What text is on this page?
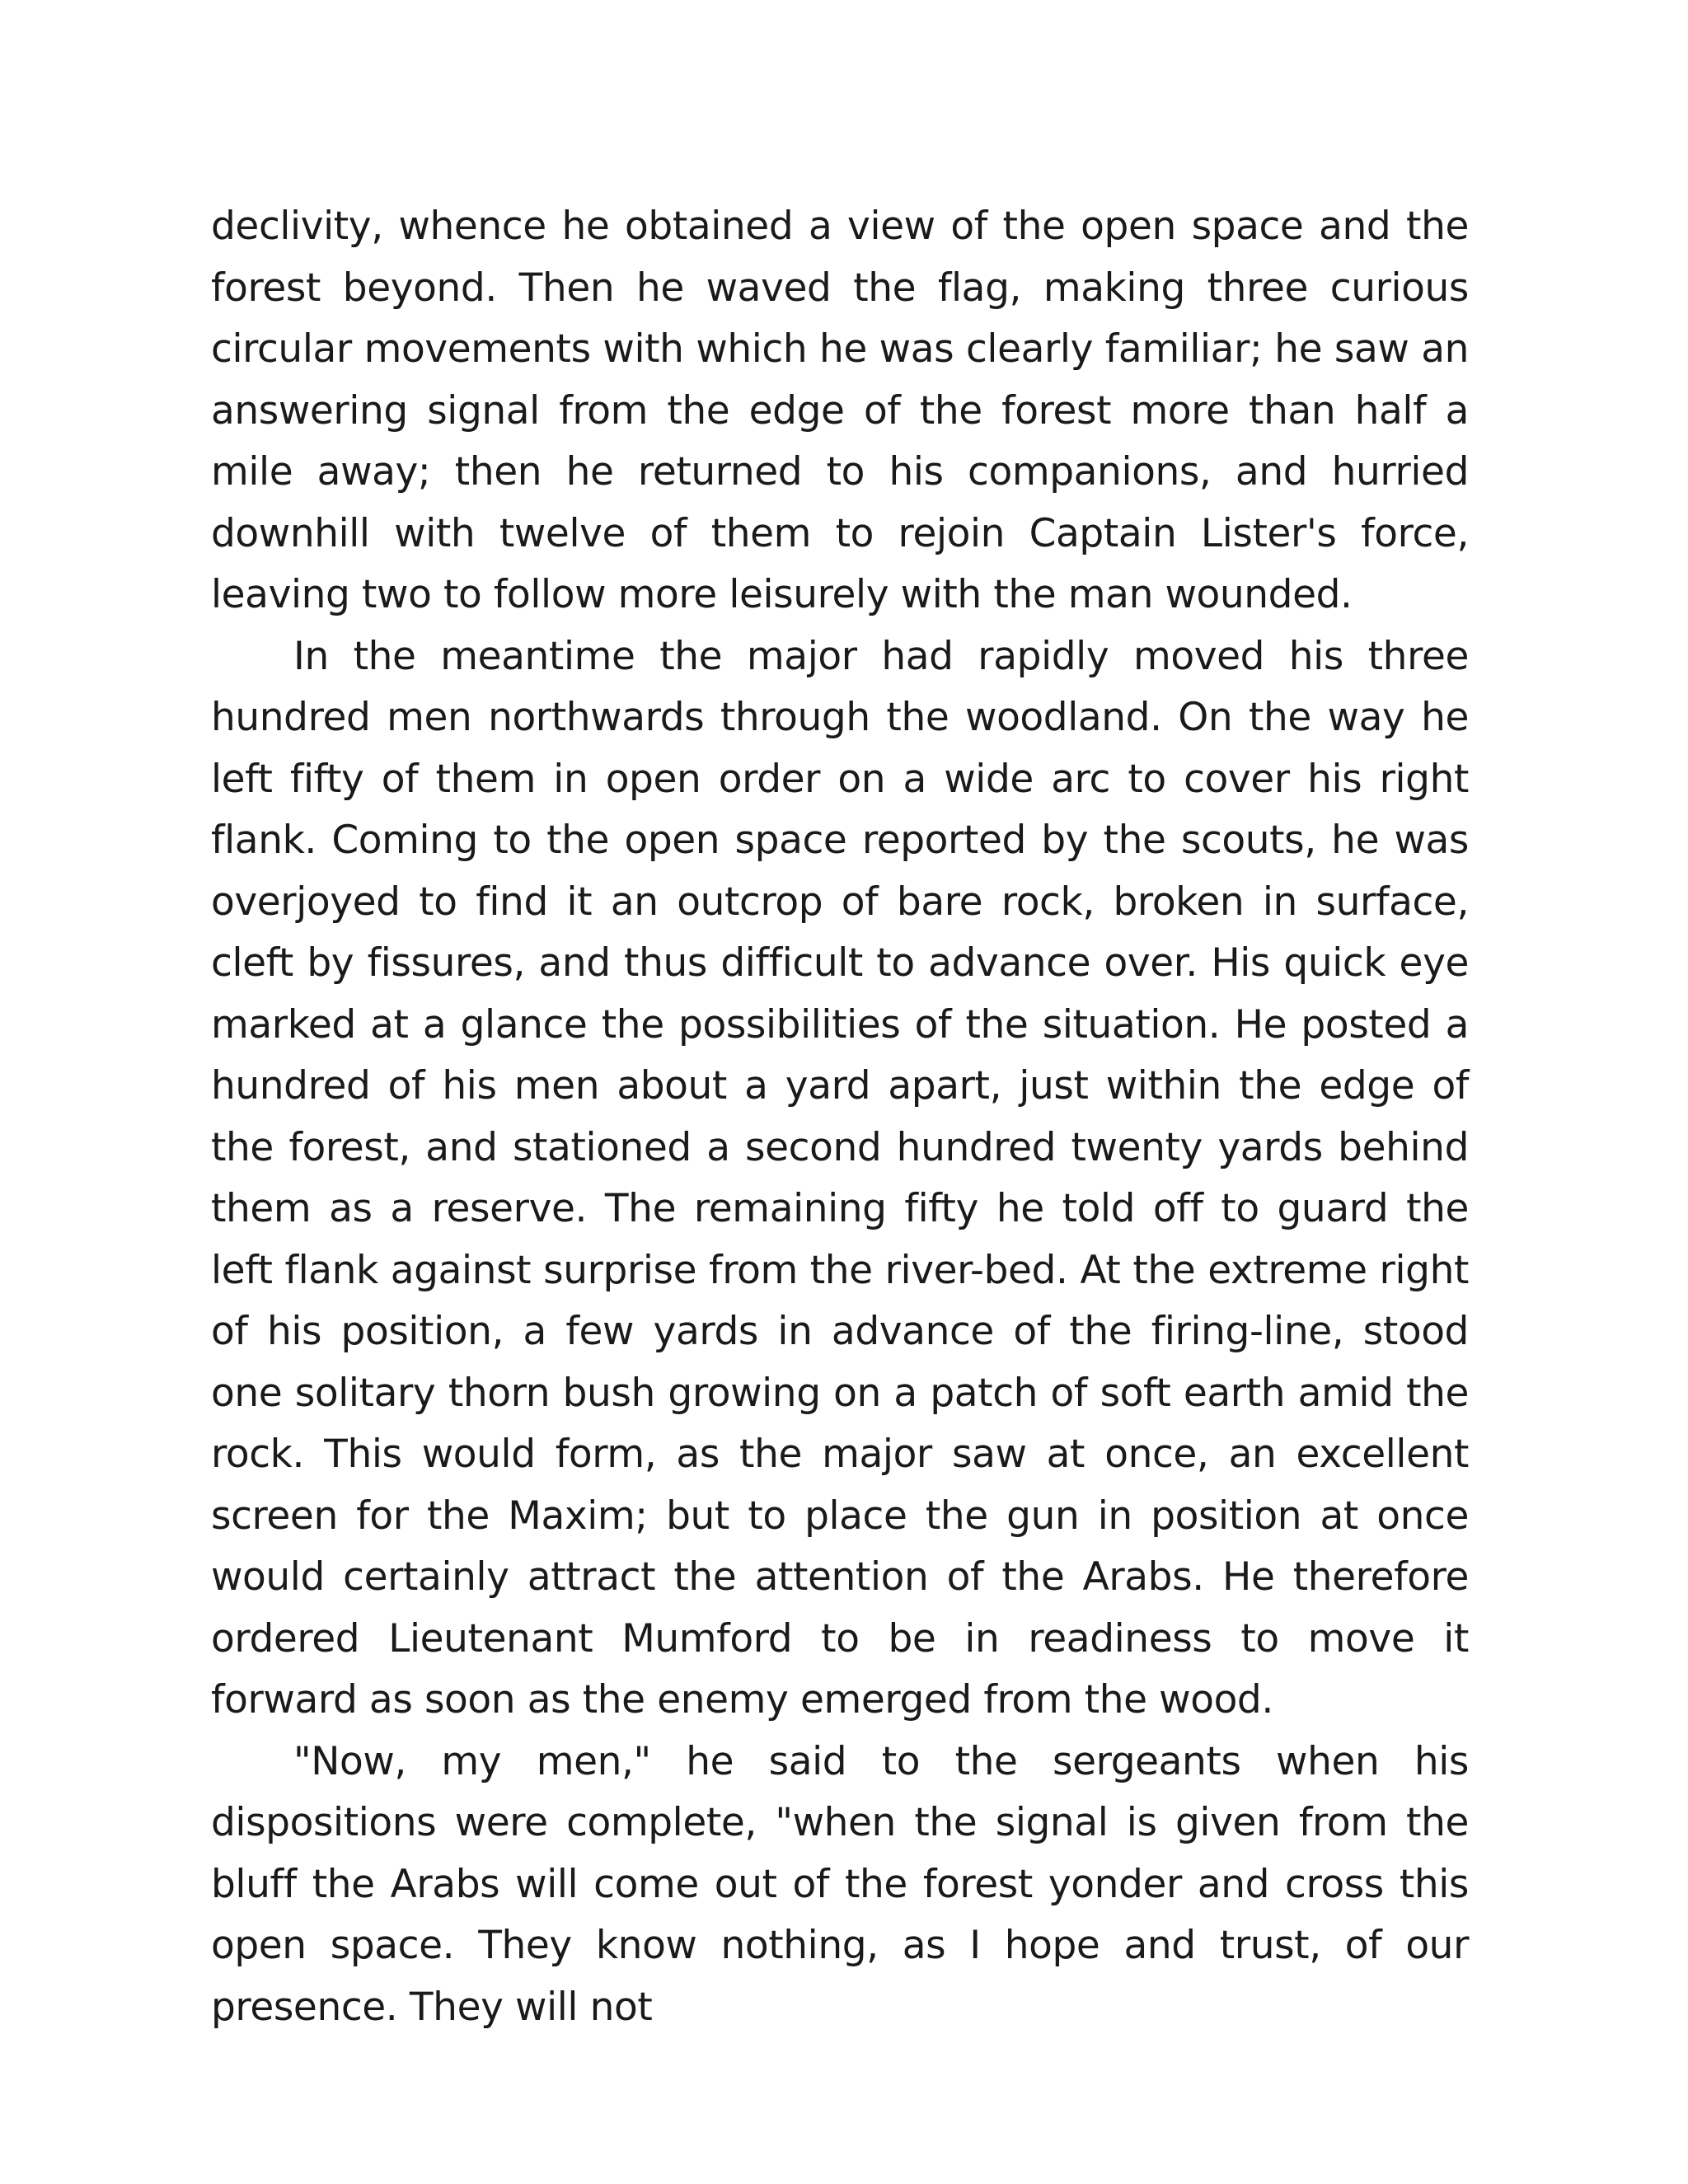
declivity, whence he obtained a view of the open space and the forest beyond. Then he waved the flag, making three curious circular movements with which he was clearly familiar; he saw an answering signal from the edge of the forest more than half a mile away; then he returned to his companions, and hurried downhill with twelve of them to rejoin Captain Lister's force, leaving two to follow more leisurely with the man wounded.

In the meantime the major had rapidly moved his three hundred men northwards through the woodland. On the way he left fifty of them in open order on a wide arc to cover his right flank. Coming to the open space reported by the scouts, he was overjoyed to find it an outcrop of bare rock, broken in surface, cleft by fissures, and thus difficult to advance over. His quick eye marked at a glance the possibilities of the situation. He posted a hundred of his men about a yard apart, just within the edge of the forest, and stationed a second hundred twenty yards behind them as a reserve. The remaining fifty he told off to guard the left flank against surprise from the river-bed. At the extreme right of his position, a few yards in advance of the firing-line, stood one solitary thorn bush growing on a patch of soft earth amid the rock. This would form, as the major saw at once, an excellent screen for the Maxim; but to place the gun in position at once would certainly attract the attention of the Arabs. He therefore ordered Lieutenant Mumford to be in readiness to move it forward as soon as the enemy emerged from the wood.

"Now, my men," he said to the sergeants when his dispositions were complete, "when the signal is given from the bluff the Arabs will come out of the forest yonder and cross this open space. They know nothing, as I hope and trust, of our presence. They will not
